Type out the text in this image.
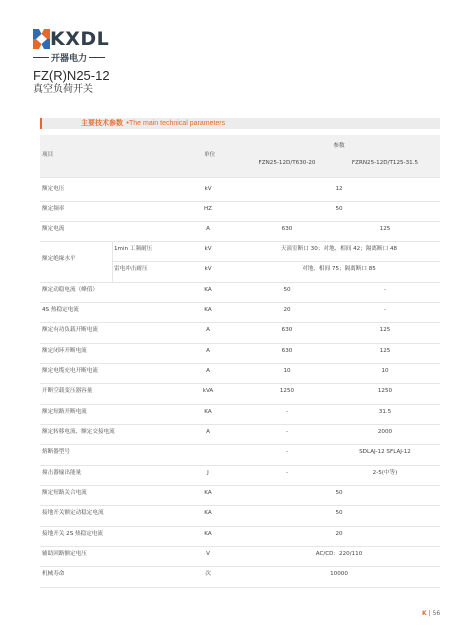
KXDL
开器电力
FZ(R)N25-12
真空负荷开关
主要技术参数 • The main technical parameters
项目	单位
参数
FZN25-12D/T630-20	FZRN25-12D/T125-31.5
额定电压	kV	12
额定频率	HZ	50
额定电流	A	630	125
额定绝缘水平
1min 工频耐压	kV	天演室断口 30；对地、相间 42；隔离断口 48
雷电冲击耐压	kV	对地、相间 75；隔离断口 85
额定动稳电流（峰值）	KA	50	-
4S 热稳定电流	KA	20	-
额定有功负载开断电流	A	630	125
额定闭环开断电流	A	630	125
额定电缆充电开断电流	A	10	10
开断空载变压器容量	kVA	1250	1250
额定短路开断电流	KA	-	31.5
额定转移电流、额定交接电流	A	-	2000
熔断器型号	-	SDLAJ-12 SFLAJ-12
撞击器输出能量	J	-	2-5(中等)
额定短路关合电流	KA	50
接地开关额定动稳定电流	KA	50
接地开关 2S 热稳定电流	KA	20
辅助回路额定电压	V	AC/CD：220/110
机械寿命	次	10000
K | 56
